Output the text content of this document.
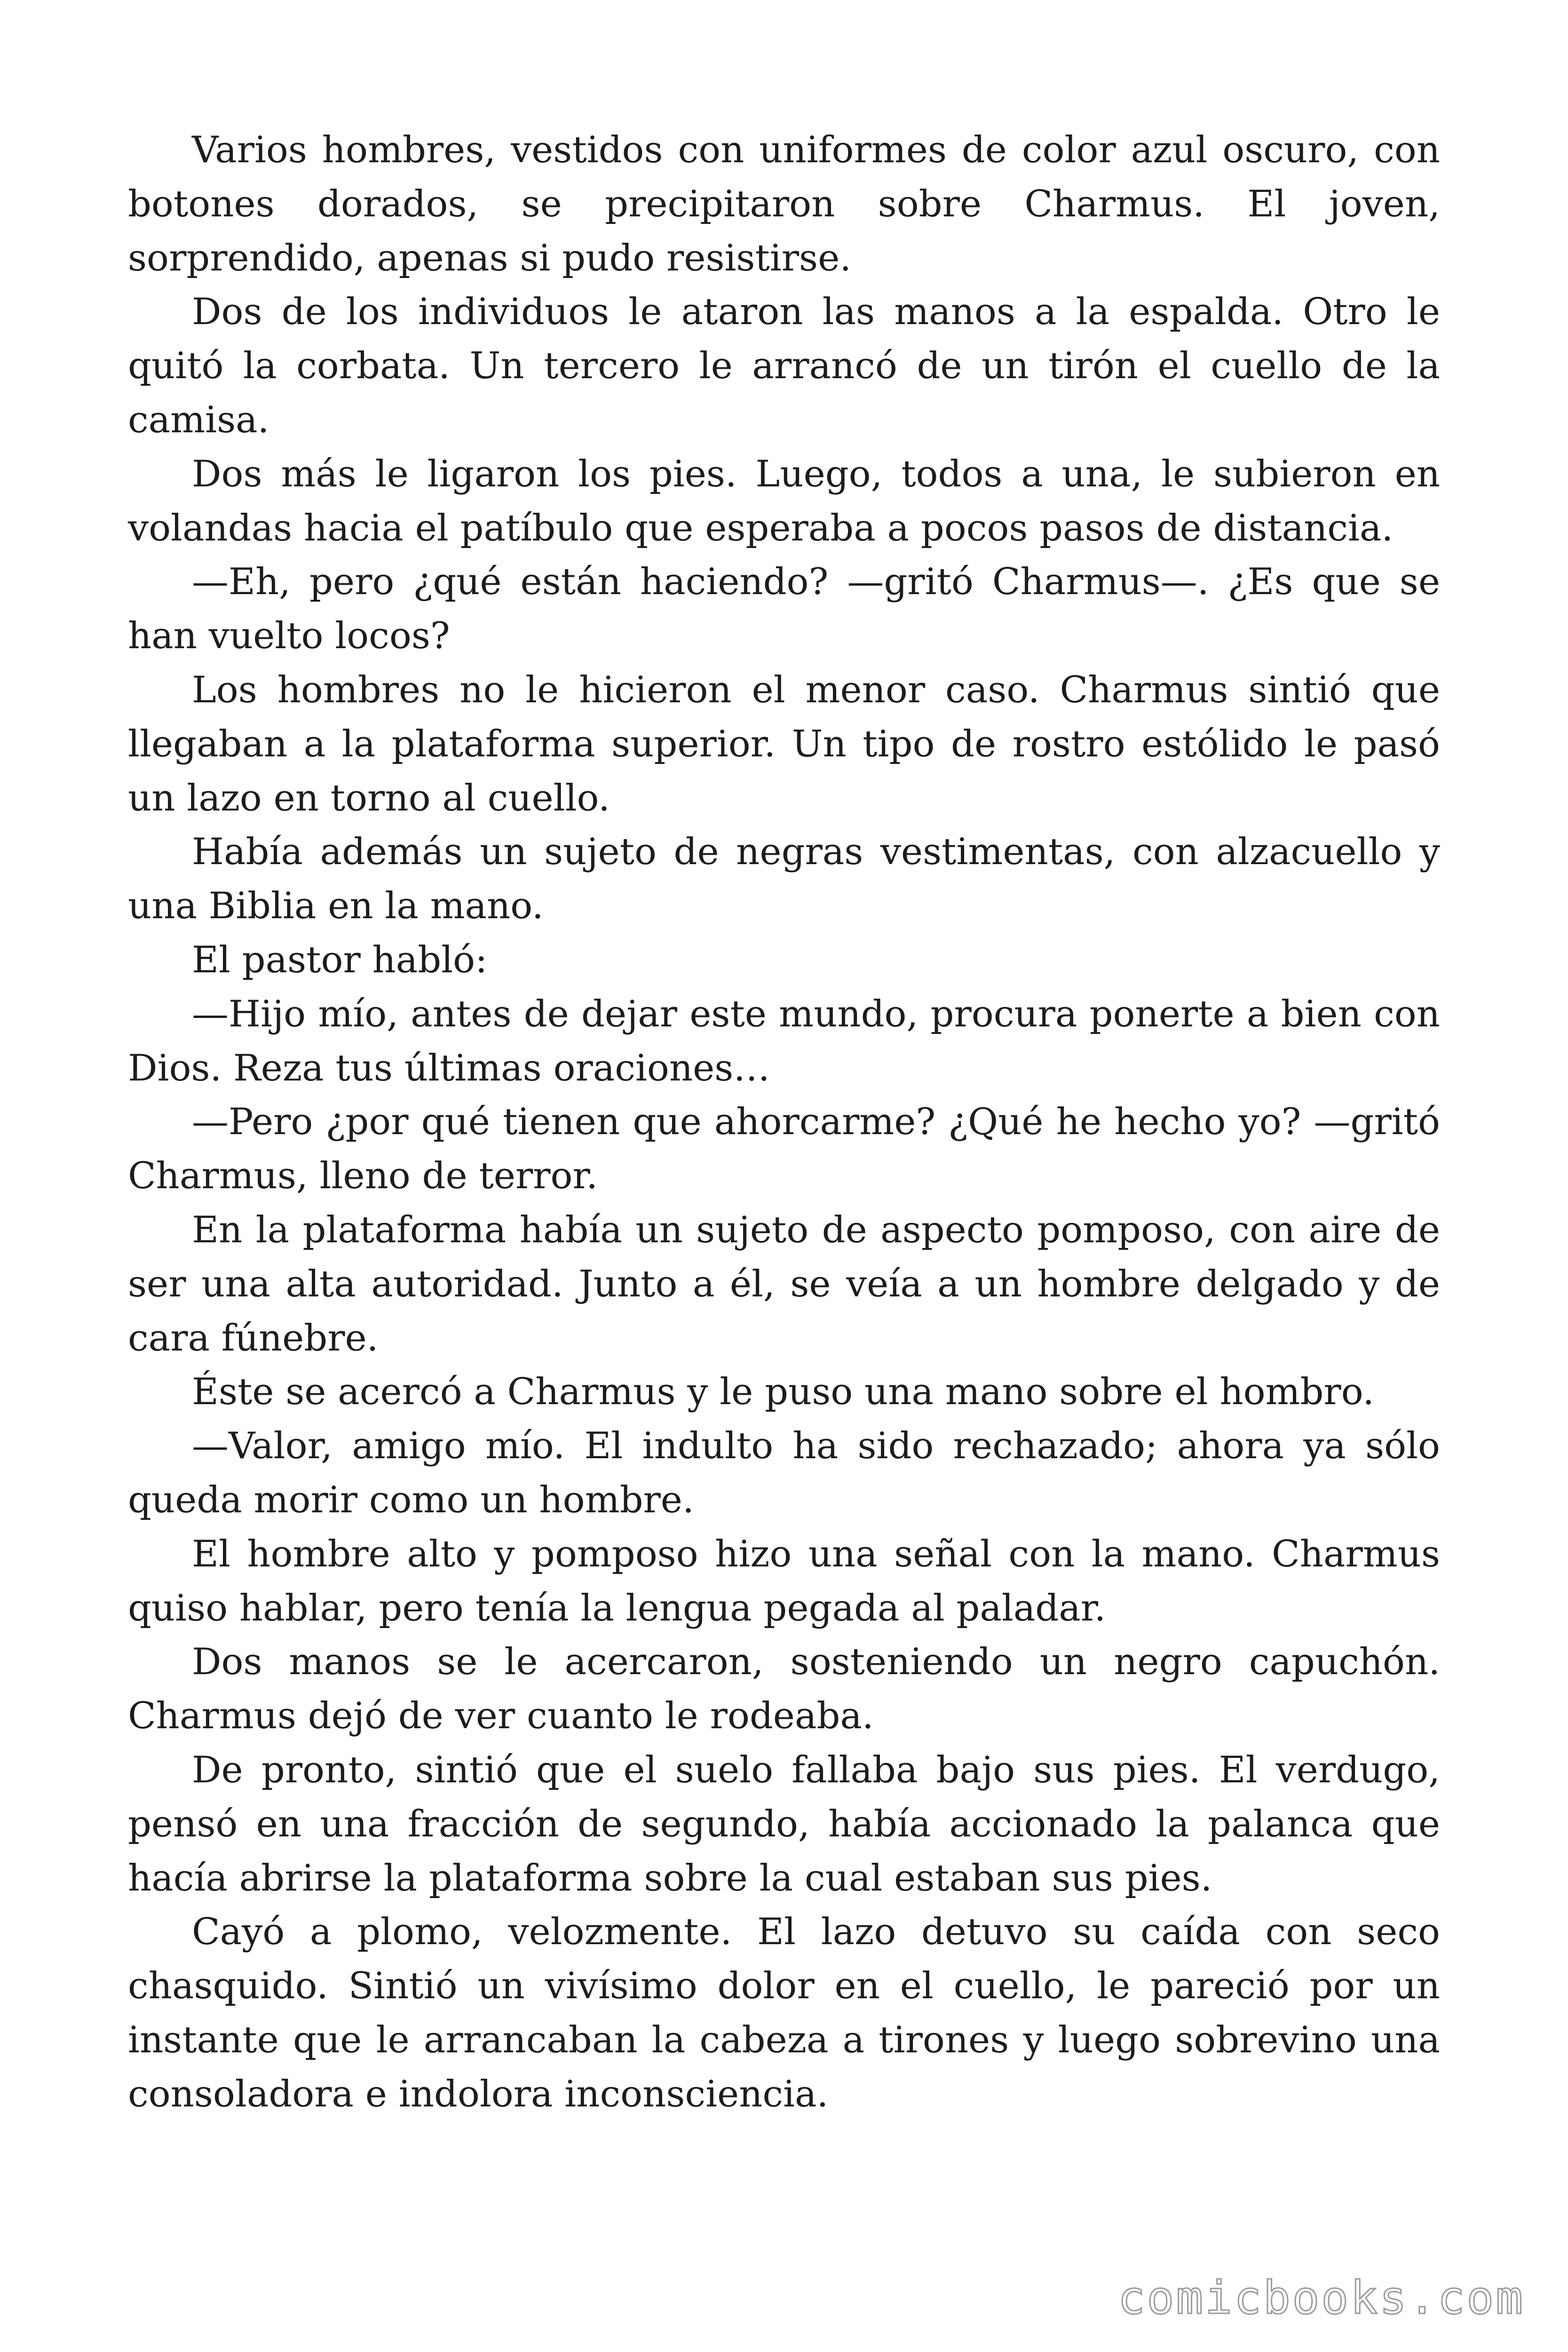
Varios hombres, vestidos con uniformes de color azul oscuro, con botones dorados, se precipitaron sobre Charmus. El joven, sorprendido, apenas si pudo resistirse.

Dos de los individuos le ataron las manos a la espalda. Otro le quitó la corbata. Un tercero le arrancó de un tirón el cuello de la camisa.

Dos más le ligaron los pies. Luego, todos a una, le subieron en volandas hacia el patíbulo que esperaba a pocos pasos de distancia.

—Eh, pero ¿qué están haciendo? —gritó Charmus—. ¿Es que se han vuelto locos?

Los hombres no le hicieron el menor caso. Charmus sintió que llegaban a la plataforma superior. Un tipo de rostro estólido le pasó un lazo en torno al cuello.

Había además un sujeto de negras vestimentas, con alzacuello y una Biblia en la mano.

El pastor habló:

—Hijo mío, antes de dejar este mundo, procura ponerte a bien con Dios. Reza tus últimas oraciones…

—Pero ¿por qué tienen que ahorcarme? ¿Qué he hecho yo? —gritó Charmus, lleno de terror.

En la plataforma había un sujeto de aspecto pomposo, con aire de ser una alta autoridad. Junto a él, se veía a un hombre delgado y de cara fúnebre.

Éste se acercó a Charmus y le puso una mano sobre el hombro.

—Valor, amigo mío. El indulto ha sido rechazado; ahora ya sólo queda morir como un hombre.

El hombre alto y pomposo hizo una señal con la mano. Charmus quiso hablar, pero tenía la lengua pegada al paladar.

Dos manos se le acercaron, sosteniendo un negro capuchón. Charmus dejó de ver cuanto le rodeaba.

De pronto, sintió que el suelo fallaba bajo sus pies. El verdugo, pensó en una fracción de segundo, había accionado la palanca que hacía abrirse la plataforma sobre la cual estaban sus pies.

Cayó a plomo, velozmente. El lazo detuvo su caída con seco chasquido. Sintió un vivísimo dolor en el cuello, le pareció por un instante que le arrancaban la cabeza a tirones y luego sobrevino una consoladora e indolora inconsciencia.

comicbooks.com
